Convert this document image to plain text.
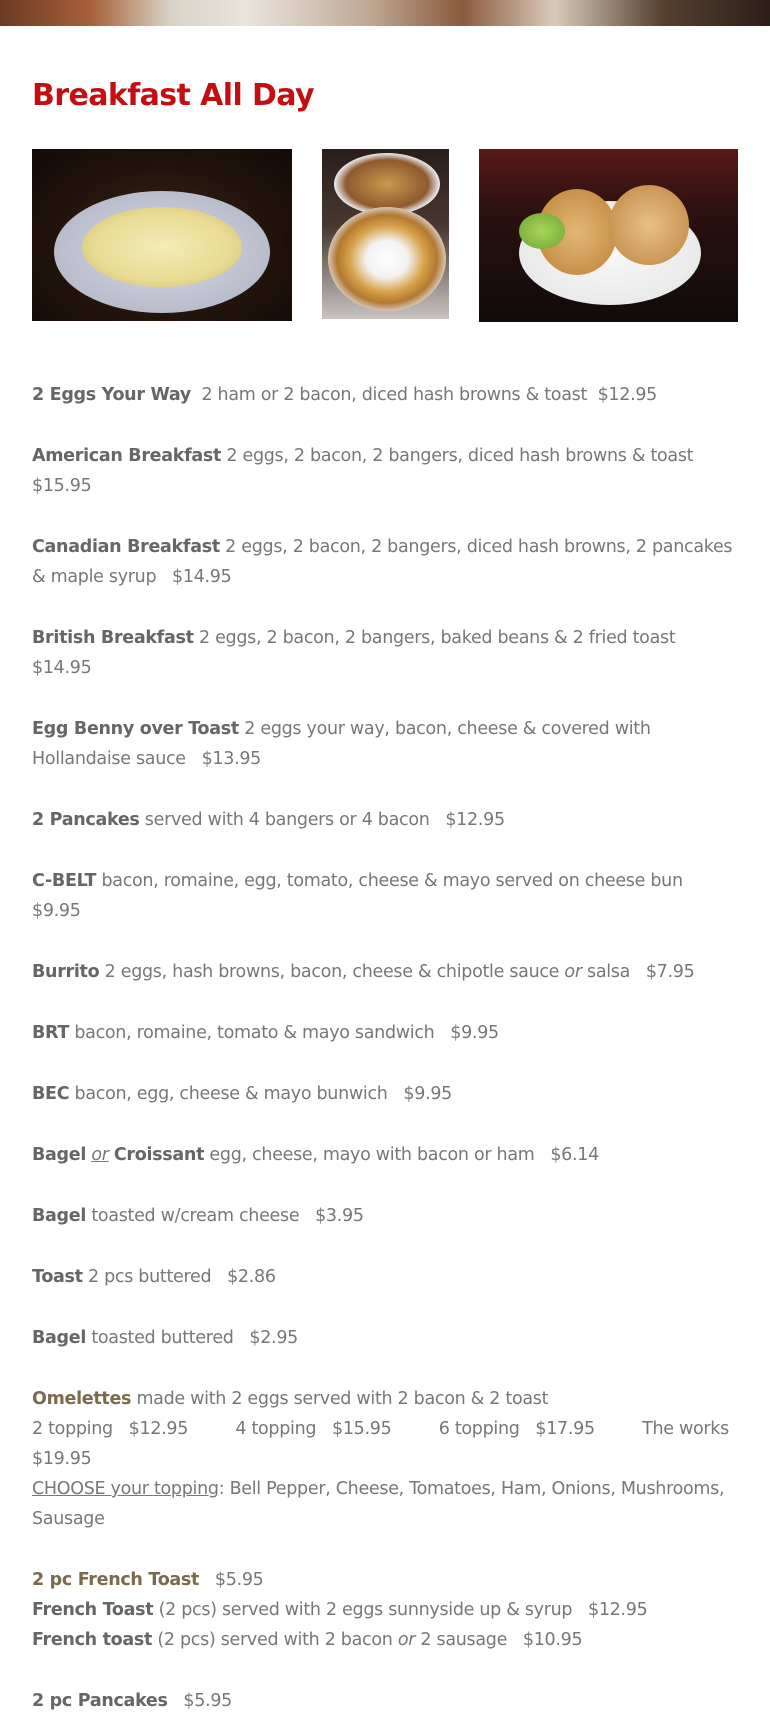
Breakfast All Day

2 Eggs Your Way 2 ham or 2 bacon, diced hash browns & toast $12.95

American Breakfast 2 eggs, 2 bacon, 2 bangers, diced hash browns & toast $15.95

Canadian Breakfast 2 eggs, 2 bacon, 2 bangers, diced hash browns, 2 pancakes & maple syrup $14.95

British Breakfast 2 eggs, 2 bacon, 2 bangers, baked beans & 2 fried toast   $14.95

Egg Benny over Toast 2 eggs your way, bacon, cheese & covered with Hollandaise sauce $13.95

2 Pancakes served with 4 bangers or 4 bacon $12.95

C-BELT bacon, romaine, egg, tomato, cheese & mayo served on cheese bun   $9.95

Burrito 2 eggs, hash browns, bacon, cheese & chipotle sauce or salsa $7.95

BRT bacon, romaine, tomato & mayo sandwich $9.95

BEC bacon, egg, cheese & mayo bunwich $9.95

Bagel or Croissant egg, cheese, mayo with bacon or ham $6.14

Bagel toasted w/cream cheese $3.95

Toast 2 pcs buttered $2.86

Bagel toasted buttered $2.95

Omelettes made with 2 eggs served with 2 bacon & 2 toast

2 topping $12.95	4 topping $15.95	6 topping $17.95	The works   $19.95

CHOOSE your topping: Bell Pepper, Cheese, Tomatoes, Ham, Onions, Mushrooms, Sausage

2 pc French Toast $5.95

French Toast (2 pcs) served with 2 eggs sunnyside up & syrup $12.95

French toast (2 pcs) served with 2 bacon or 2 sausage $10.95

2 pc Pancakes $5.95
